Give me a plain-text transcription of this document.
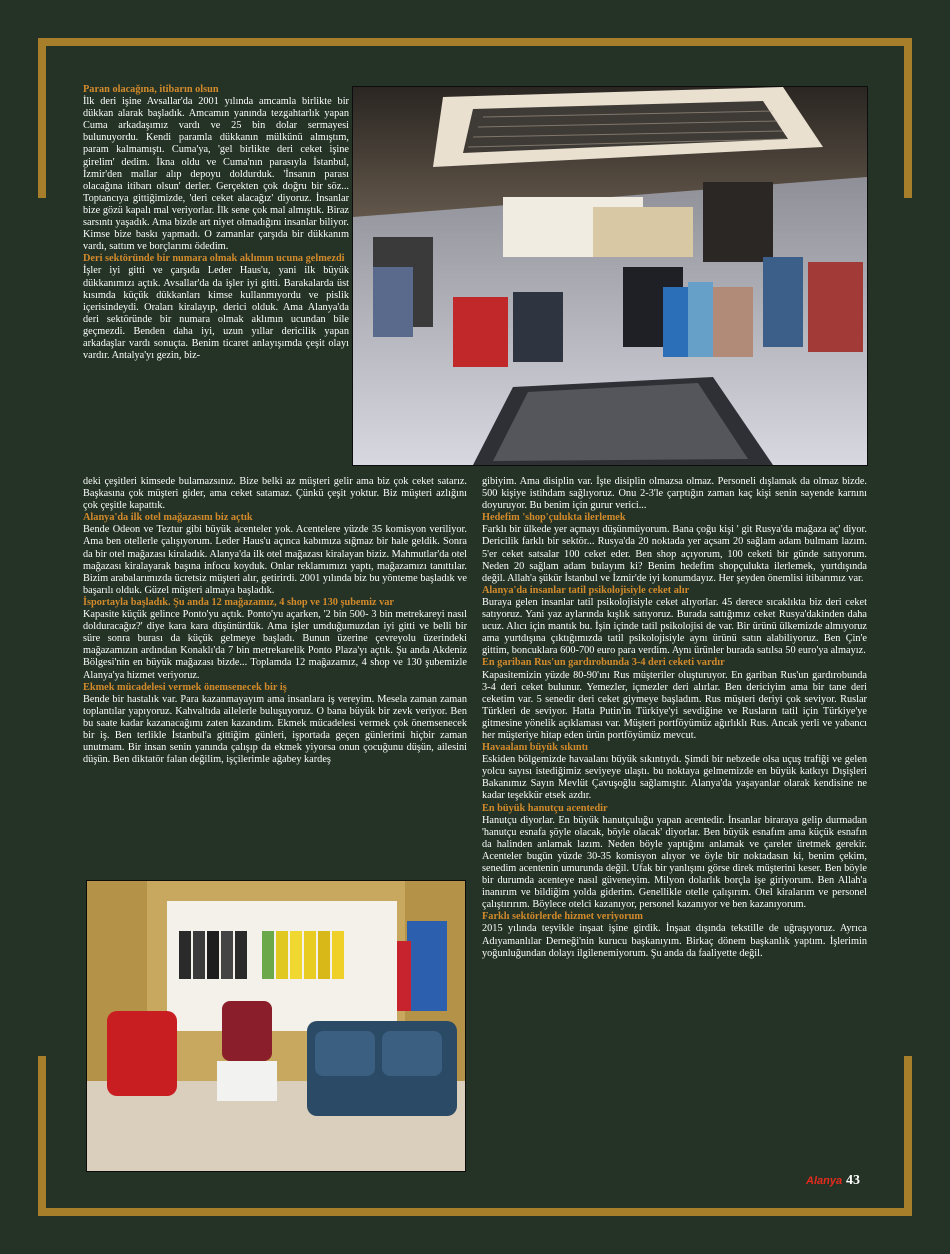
Paran olacağına, itibarın olsun

İlk deri işine Avsallar'da 2001 yılında amcamla birlikte bir dükkan alarak başladık. Amcamın yanında tezgahtarlık yapan Cuma arkadaşımız vardı ve 25 bin dolar sermayesi bulunuyordu. Kendi paramla dükkanın mülkünü almıştım, param kalmamıştı. Cuma'ya, 'gel birlikte deri ceket işine girelim' dedim. İkna oldu ve Cuma'nın parasıyla İstanbul, İzmir'den mallar alıp depoyu doldurduk. 'İnsanın parası olacağına itibarı olsun' derler. Gerçekten çok doğru bir söz... Toptancıya gittiğimizde, 'deri ceket alacağız' diyoruz. İnsanlar bize gözü kapalı mal veriyorlar. İlk sene çok mal almıştık. Biraz sarsıntı yaşadık. Ama bizde art niyet olmadığını insanlar biliyor. Kimse bize baskı yapmadı. O zamanlar çarşıda bir dükkanım vardı, sattım ve borçlarımı ödedim.

Deri sektöründe bir numara olmak aklımın ucuna gelmezdi

İşler iyi gitti ve çarşıda Leder Haus'u, yani ilk büyük dükkanımızı açtık. Avsallar'da da işler iyi gitti. Barakalarda üst kısımda küçük dükkanları kimse kullanmıyordu ve pislik içerisindeydi. Oraları kiralayıp, derici olduk. Ama Alanya'da deri sektöründe bir numara olmak aklımın ucundan bile geçmezdi. Benden daha iyi, uzun yıllar dericilik yapan arkadaşlar vardı sonuçta. Benim ticaret anlayışımda çeşit olayı vardır. Antalya'yı gezin, biz-

deki çeşitleri kimsede bulamazsınız. Bize belki az müşteri gelir ama biz çok ceket satarız. Başkasına çok müşteri gider, ama ceket satamaz. Çünkü çeşit yoktur. Biz müşteri azlığını çok çeşitle kapattık.

Alanya'da ilk otel mağazasını biz açtık

Bende Odeon ve Teztur gibi büyük acenteler yok. Acentelere yüzde 35 komisyon veriliyor. Ama ben otellerle çalışıyorum. Leder Haus'u açınca kabımıza sığmaz bir hale geldik. Sonra da bir otel mağazası kiraladık. Alanya'da ilk otel mağazası kiralayan biziz. Mahmutlar'da otel mağazası kiralayarak başına infocu koyduk. Onlar reklamımızı yaptı, mağazamızı tanıttılar. Bizim arabalarımızda ücretsiz müşteri alır, getirirdi. 2001 yılında biz bu yönteme başladık ve başarılı olduk. Güzel müşteri almaya başladık.

İsportayla başladık. Şu anda 12 mağazamız, 4 shop ve 130 şubemiz var

Kapasite küçük gelince Ponto'yu açtık. Ponto'yu açarken, '2 bin 500- 3 bin metrekareyi nasıl dolduracağız?' diye kara kara düşünürdük. Ama işler umduğumuzdan iyi gitti ve belli bir süre sonra burası da küçük gelmeye başladı. Bunun üzerine çevreyolu üzerindeki mağazamızın ardından Konaklı'da 7 bin metrekarelik Ponto Plaza'yı açtık. Şu anda Akdeniz Bölgesi'nin en büyük mağazası bizde... Toplamda 12 mağazamız, 4 shop ve 130 şubemizle Alanya'ya hizmet veriyoruz.

Ekmek mücadelesi vermek önemsenecek bir iş

Bende bir hastalık var. Para kazanmayayım ama insanlara iş vereyim. Mesela zaman zaman toplantılar yapıyoruz. Kahvaltıda ailelerle buluşuyoruz. O bana büyük bir zevk veriyor. Ben bu saate kadar kazanacağımı zaten kazandım. Ekmek mücadelesi vermek çok önemsenecek bir iş. Ben terlikle İstanbul'a gittiğim günleri, işportada geçen günlerimi hiçbir zaman unutmam. Bir insan senin yanında çalışıp da ekmek yiyorsa onun çocuğunu düşün, ailesini düşün. Ben diktatör falan değilim, işçilerimle ağabey kardeş

gibiyim. Ama disiplin var. İşte disiplin olmazsa olmaz. Personeli dışlamak da olmaz bizde. 500 kişiye istihdam sağlıyoruz. Onu 2-3'le çarptığın zaman kaç kişi senin sayende karnını doyuruyor. Bu benim için gurur verici...

Hedefim 'shop'çulukta ilerlemek

Farklı bir ülkede yer açmayı düşünmüyorum. Bana çoğu kişi ' git Rusya'da mağaza aç' diyor. Dericilik farklı bir sektör... Rusya'da 20 noktada yer açsam 20 sağlam adam bulmam lazım. 5'er ceket satsalar 100 ceket eder. Ben shop açıyorum, 100 ceketi bir günde satıyorum. Neden 20 sağlam adam bulayım ki? Benim hedefim shopçulukta ilerlemek, yurtdışında değil. Allah'a şükür İstanbul ve İzmir'de iyi konumdayız. Her şeyden önemlisi itibarımız var.

Alanya'da insanlar tatil psikolojisiyle ceket alır

Buraya gelen insanlar tatil psikolojisiyle ceket alıyorlar. 45 derece sıcaklıkta biz deri ceket satıyoruz. Yani yaz aylarında kışlık satıyoruz. Burada sattığımız ceket Rusya'dakinden daha ucuz. Alıcı için mantık bu. İşin içinde tatil psikolojisi de var. Bir ürünü ülkemizde almıyoruz ama yurtdışına çıktığımızda tatil psikolojisiyle aynı ürünü satın alabiliyoruz. Ben Çin'e gittim, boncuklara 600-700 euro para verdim. Aynı ürünler burada satılsa 50 euro'ya almayız.

En gariban Rus'un gardırobunda 3-4 deri ceketi vardır

Kapasitemizin yüzde 80-90'ını Rus müşteriler oluşturuyor. En gariban Rus'un gardırobunda 3-4 deri ceket bulunur. Yemezler, içmezler deri alırlar. Ben dericiyim ama bir tane deri ceketim var. 5 senedir deri ceket giymeye başladım. Rus müşteri deriyi çok seviyor. Ruslar Türkleri de seviyor. Hatta Putin'in Türkiye'yi sevdiğine ve Rusların tatil için Türkiye'ye gitmesine yönelik açıklaması var. Müşteri portföyümüz ağırlıklı Rus. Ancak yerli ve yabancı her müşteriye hitap eden ürün portföyümüz mevcut.

Havaalanı büyük sıkıntı

Eskiden bölgemizde havaalanı büyük sıkıntıydı. Şimdi bir nebzede olsa uçuş trafiği ve gelen yolcu sayısı istediğimiz seviyeye ulaştı. bu noktaya gelmemizde en büyük katkıyı Dışişleri Bakanımız Sayın Mevlüt Çavuşoğlu sağlamıştır. Alanya'da yaşayanlar olarak kendisine ne kadar teşekkür etsek azdır.

En büyük hanutçu acentedir

Hanutçu diyorlar. En büyük hanutçuluğu yapan acentedir. İnsanlar biraraya gelip durmadan 'hanutçu esnafa şöyle olacak, böyle olacak' diyorlar. Ben büyük esnafım ama küçük esnafın da halinden anlamak lazım. Neden böyle yaptığını anlamak ve çareler üretmek gerekir. Acenteler bugün yüzde 30-35 komisyon alıyor ve öyle bir noktadasın ki, benim çekim, senedim acentenin umurunda değil. Ufak bir yanlışını görse direk müşterini keser. Ben böyle bir durumda acenteye nasıl güveneyim. Milyon dolarlık borçla işe giriyorum. Ben Allah'a inanırım ve bildiğim yolda giderim. Genellikle otelle çalışırım. Otel kiralarım ve personel çalıştırırım. Böylece otelci kazanıyor, personel kazanıyor ve ben kazanıyorum.

Farklı sektörlerde hizmet veriyorum

2015 yılında teşvikle inşaat işine girdik. İnşaat dışında tekstille de uğraşıyoruz. Ayrıca Adıyamanlılar Derneği'nin kurucu başkanıyım. Birkaç dönem başkanlık yaptım. İşlerimin yoğunluğundan dolayı ilgilenemiyorum. Şu anda da faaliyette değil.

Alanya 43
